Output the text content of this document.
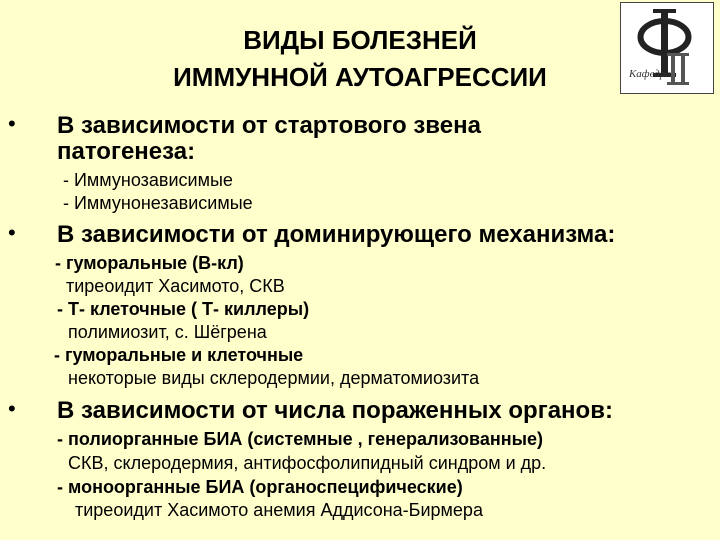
ВИДЫ БОЛЕЗНЕЙ
ИММУННОЙ АУТОАГРЕССИИ	Кафедра
• В зависимости от стартового звена
патогенеза:
- Иммунозависимые
- Иммунонезависимые
• В зависимости от доминирующего механизма:
- гуморальные (В-кл)
тиреоидит Хасимото, СКВ
- Т- клеточные ( Т- киллеры)
полимиозит, с. Шёгрена
- гуморальные и клеточные
некоторые виды склеродермии, дерматомиозита
• В зависимости от числа пораженных органов:
- полиорганные БИА (системные , генерализованные)
СКВ, склеродермия, антифосфолипидный синдром и др.
- моноорганные БИА (органоспецифические)
тиреоидит Хасимото анемия Аддисона-Бирмера
